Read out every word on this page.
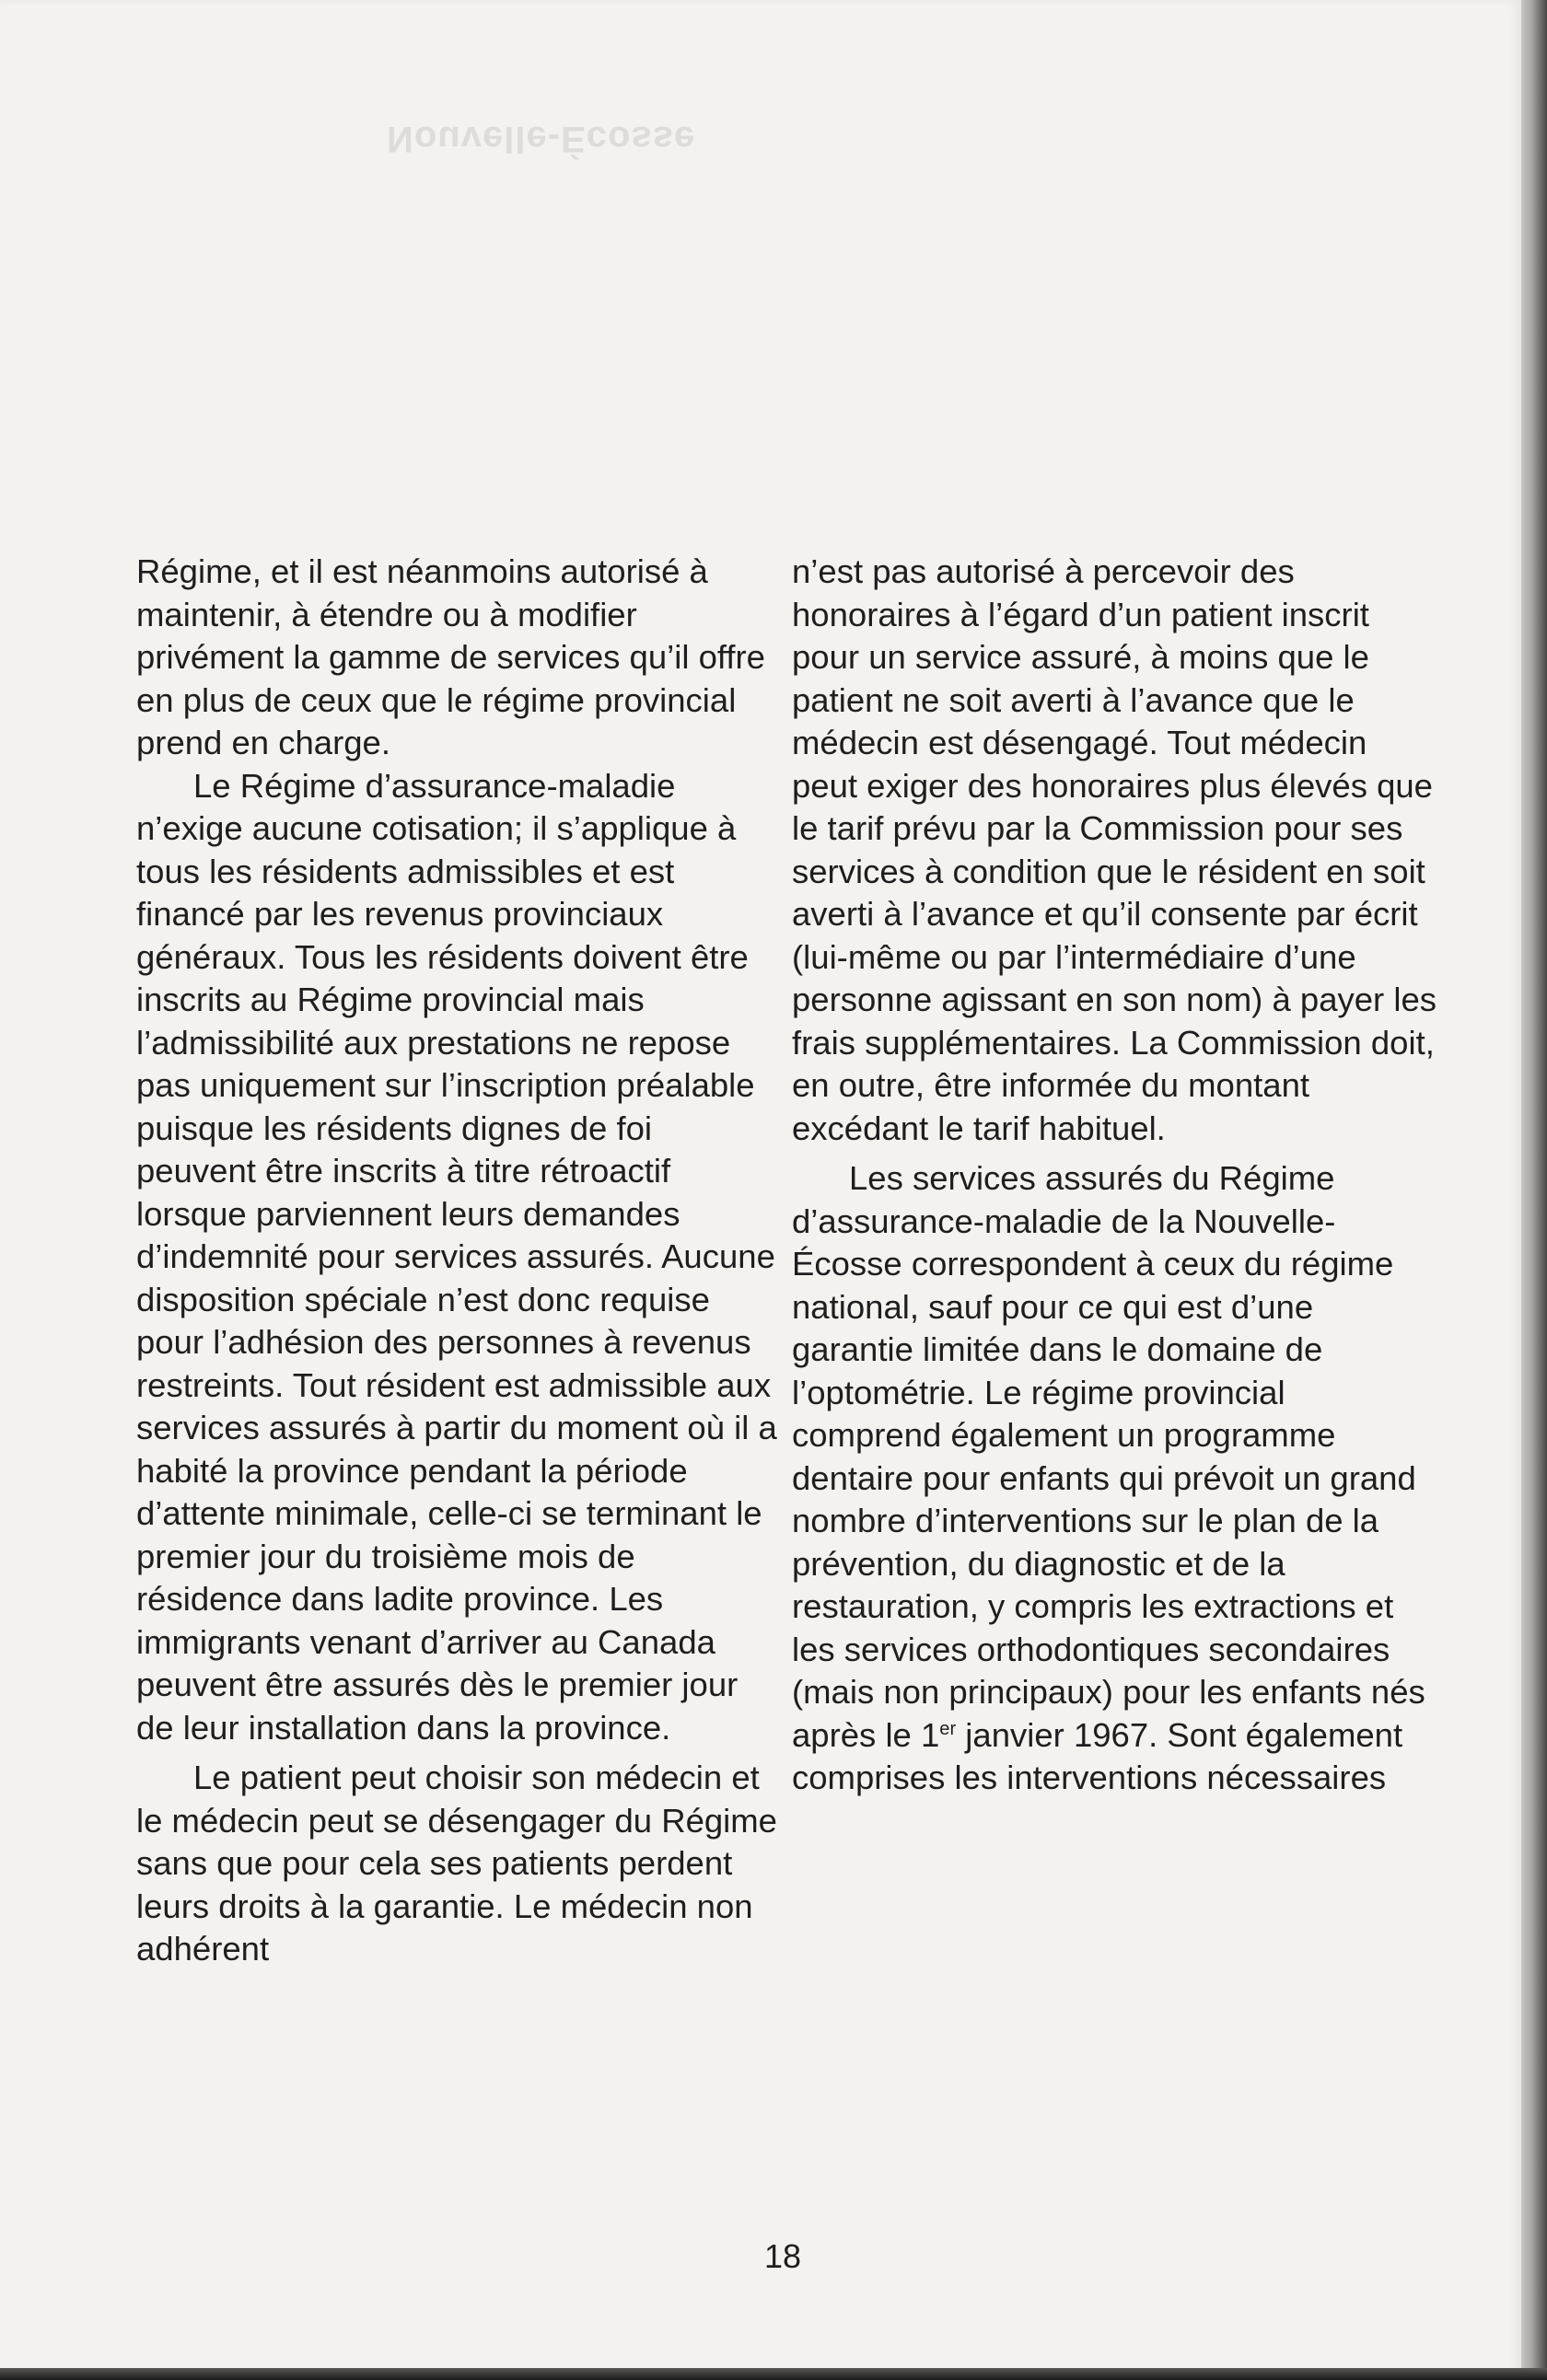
Nouvelle-Écosse

Régime, et il est néanmoins autorisé à maintenir, à étendre ou à modifier privément la gamme de services qu’il offre en plus de ceux que le régime provincial prend en charge.

Le Régime d’assurance-maladie n’exige aucune cotisation; il s’applique à tous les résidents admissibles et est financé par les revenus provinciaux généraux. Tous les résidents doivent être inscrits au Régime provincial mais l’admissibilité aux prestations ne repose pas uniquement sur l’inscription préalable puisque les résidents dignes de foi peuvent être inscrits à titre rétroactif lorsque parviennent leurs demandes d’indemnité pour services assurés. Aucune disposition spéciale n’est donc requise pour l’adhésion des personnes à revenus restreints. Tout résident est admissible aux services assurés à partir du moment où il a habité la province pendant la période d’attente minimale, celle-ci se terminant le premier jour du troisième mois de résidence dans ladite province. Les immigrants venant d’arriver au Canada peuvent être assurés dès le premier jour de leur installation dans la province.

Le patient peut choisir son médecin et le médecin peut se désengager du Régime sans que pour cela ses patients perdent leurs droits à la garantie. Le médecin non adhérent

n’est pas autorisé à percevoir des honoraires à l’égard d’un patient inscrit pour un service assuré, à moins que le patient ne soit averti à l’avance que le médecin est désengagé. Tout médecin peut exiger des honoraires plus élevés que le tarif prévu par la Commission pour ses services à condition que le résident en soit averti à l’avance et qu’il consente par écrit (lui-même ou par l’intermédiaire d’une personne agissant en son nom) à payer les frais supplémentaires. La Commission doit, en outre, être informée du montant excédant le tarif habituel.

Les services assurés du Régime d’assurance-maladie de la Nouvelle-Écosse correspondent à ceux du régime national, sauf pour ce qui est d’une garantie limitée dans le domaine de l’optométrie. Le régime provincial comprend également un programme dentaire pour enfants qui prévoit un grand nombre d’interventions sur le plan de la prévention, du diagnostic et de la restauration, y compris les extractions et les services orthodontiques secondaires (mais non principaux) pour les enfants nés après le 1er janvier 1967. Sont également comprises les interventions nécessaires

18
